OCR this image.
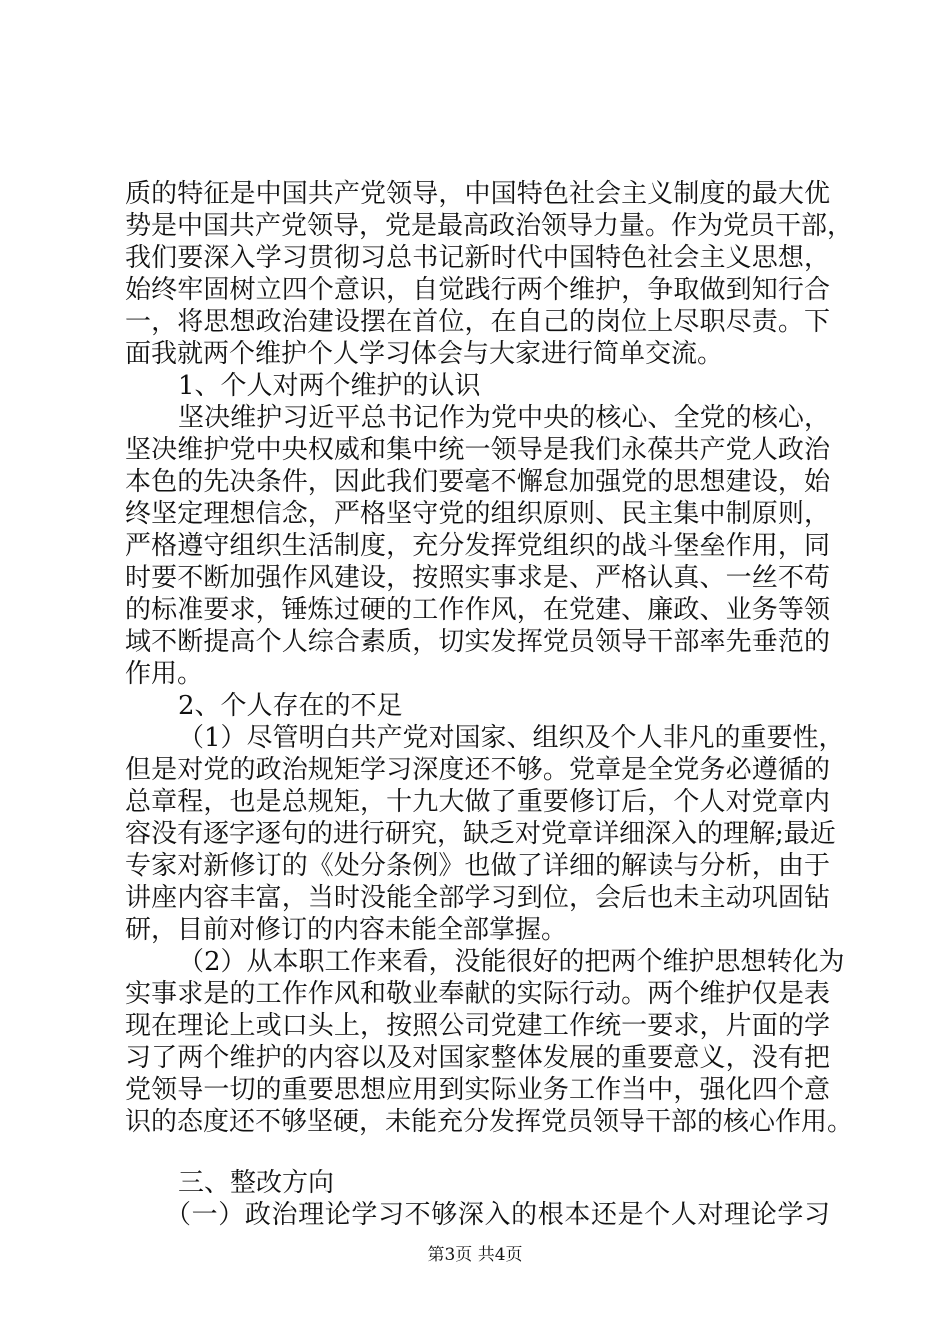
质的特征是中国共产党领导，中国特色社会主义制度的最大优
势是中国共产党领导，党是最高政治领导力量。作为党员干部，
我们要深入学习贯彻习总书记新时代中国特色社会主义思想，
始终牢固树立四个意识，自觉践行两个维护，争取做到知行合
一，将思想政治建设摆在首位，在自己的岗位上尽职尽责。下
面我就两个维护个人学习体会与大家进行简单交流。
1、个人对两个维护的认识
坚决维护习近平总书记作为党中央的核心、全党的核心，
坚决维护党中央权威和集中统一领导是我们永葆共产党人政治
本色的先决条件，因此我们要毫不懈怠加强党的思想建设，始
终坚定理想信念，严格坚守党的组织原则、民主集中制原则，
严格遵守组织生活制度，充分发挥党组织的战斗堡垒作用，同
时要不断加强作风建设，按照实事求是、严格认真、一丝不苟
的标准要求，锤炼过硬的工作作风，在党建、廉政、业务等领
域不断提高个人综合素质，切实发挥党员领导干部率先垂范的
作用。
2、个人存在的不足
（1）尽管明白共产党对国家、组织及个人非凡的重要性，
但是对党的政治规矩学习深度还不够。党章是全党务必遵循的
总章程，也是总规矩，十九大做了重要修订后，个人对党章内
容没有逐字逐句的进行研究，缺乏对党章详细深入的理解;最近
专家对新修订的《处分条例》也做了详细的解读与分析，由于
讲座内容丰富，当时没能全部学习到位，会后也未主动巩固钻
研，目前对修订的内容未能全部掌握。
（2）从本职工作来看，没能很好的把两个维护思想转化为
实事求是的工作作风和敬业奉献的实际行动。两个维护仅是表
现在理论上或口头上，按照公司党建工作统一要求，片面的学
习了两个维护的内容以及对国家整体发展的重要意义，没有把
党领导一切的重要思想应用到实际业务工作当中，强化四个意
识的态度还不够坚硬，未能充分发挥党员领导干部的核心作用。
三、整改方向
（一）政治理论学习不够深入的根本还是个人对理论学习
第3页 共4页
